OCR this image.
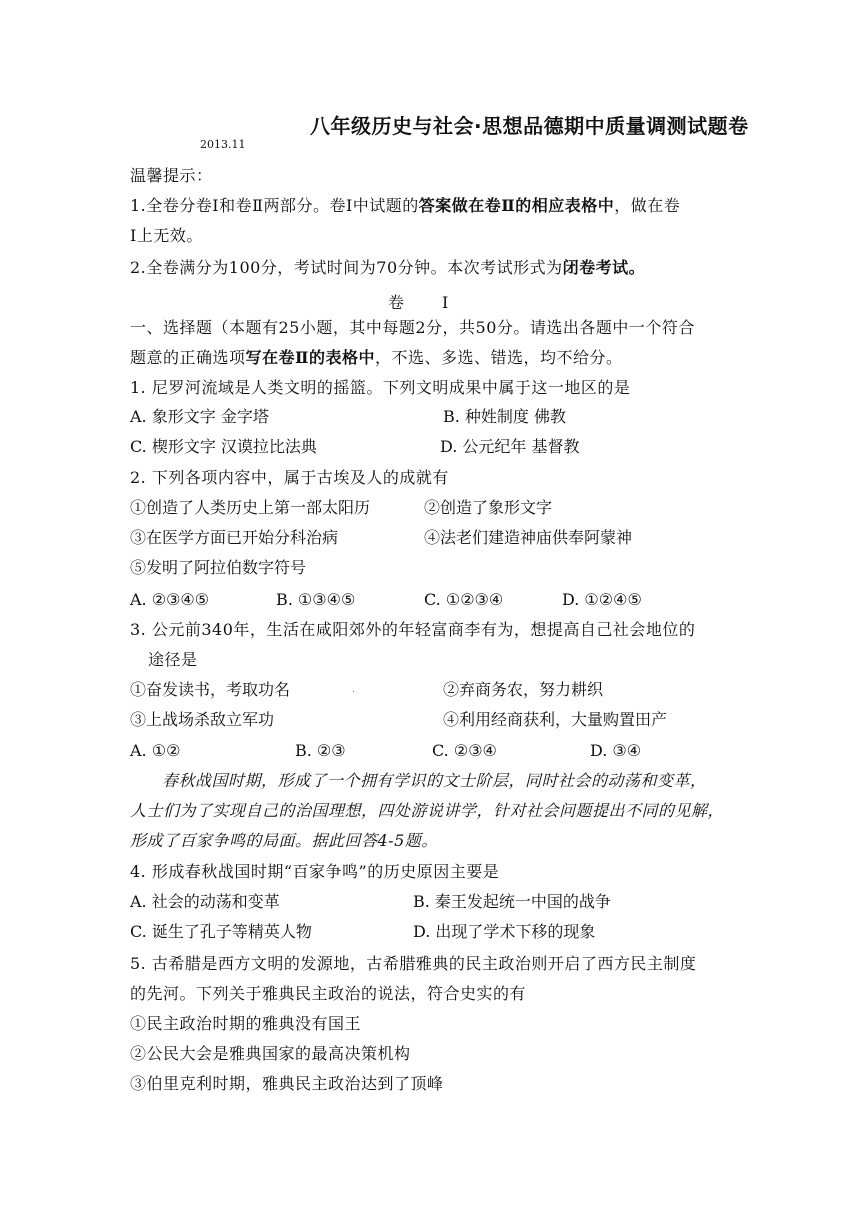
八年级历史与社会·思想品德期中质量调测试题卷
2013.11
温馨提示：
1.全卷分卷Ⅰ和卷Ⅱ两部分。卷Ⅰ中试题的答案做在卷Ⅱ的相应表格中，做在卷
Ⅰ上无效。
2.全卷满分为100分，考试时间为70分钟。本次考试形式为闭卷考试。
卷 Ⅰ
一、选择题（本题有25小题，其中每题2分，共50分。请选出各题中一个符合
题意的正确选项写在卷Ⅱ的表格中，不选、多选、错选，均不给分。
1. 尼罗河流域是人类文明的摇篮。下列文明成果中属于这一地区的是
A. 象形文字 金字塔	B. 种姓制度 佛教
C. 楔形文字 汉谟拉比法典	D. 公元纪年 基督教
2. 下列各项内容中，属于古埃及人的成就有
①创造了人类历史上第一部太阳历	②创造了象形文字
③在医学方面已开始分科治病	④法老们建造神庙供奉阿蒙神
⑤发明了阿拉伯数字符号
A. ②③④⑤	B. ①③④⑤	C. ①②③④	D. ①②④⑤
3. 公元前340年，生活在咸阳郊外的年轻富商李有为，想提高自己社会地位的
途径是
①奋发读书，考取功名	.	②弃商务农，努力耕织
③上战场杀敌立军功	④利用经商获利，大量购置田产
A. ①②	B. ②③	C. ②③④	D. ③④
春秋战国时期，形成了一个拥有学识的文士阶层，同时社会的动荡和变革，
人士们为了实现自己的治国理想，四处游说讲学，针对社会问题提出不同的见解，
形成了百家争鸣的局面。据此回答4-5题。
4. 形成春秋战国时期“百家争鸣”的历史原因主要是
A. 社会的动荡和变革	B. 秦王发起统一中国的战争
C. 诞生了孔子等精英人物	D. 出现了学术下移的现象
5. 古希腊是西方文明的发源地，古希腊雅典的民主政治则开启了西方民主制度
的先河。下列关于雅典民主政治的说法，符合史实的有
①民主政治时期的雅典没有国王
②公民大会是雅典国家的最高决策机构
③伯里克利时期，雅典民主政治达到了顶峰
